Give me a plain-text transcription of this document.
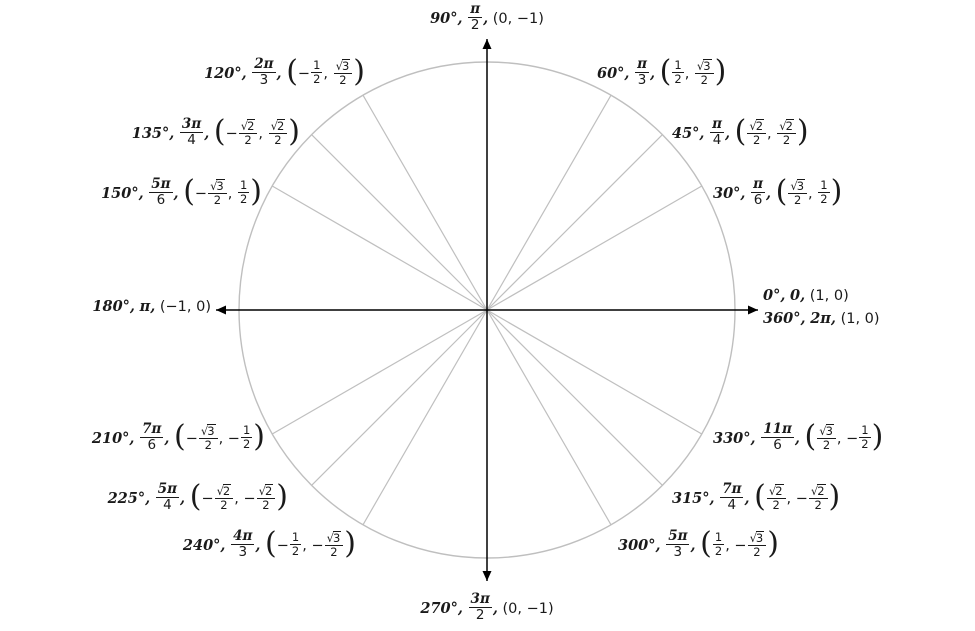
0°, 0, (1, 0)
360°, 2π, (1, 0)
30°, $\frac{\pi}{6}$ , ( $\frac{√3}{2}$ , $\frac{1}{2}$ )
45°, $\frac{\pi}{4}$ , ( $\frac{√2}{2}$ , $\frac{√2}{2}$ )
60°, $\frac{\pi}{3}$ , ( $\frac{1}{2}$ , $\frac{√3}{2}$ )
90°, $\frac{\pi}{2}$ , (0, −1)
120°, $\frac{2\pi}{3}$ , (− $\frac{1}{2}$ , $\frac{√3}{2}$ )
135°, $\frac{3\pi}{4}$ , (− $\frac{√2}{2}$ , $\frac{√2}{2}$ )
150°, $\frac{5\pi}{6}$ , (− $\frac{√3}{2}$ , $\frac{1}{2}$ )
180°, π, (−1, 0)
210°, $\frac{7\pi}{6}$ , (− $\frac{√3}{2}$ , − $\frac{1}{2}$ )
225°, $\frac{5\pi}{4}$ , (− $\frac{√2}{2}$ , − $\frac{√2}{2}$ )
240°, $\frac{4\pi}{3}$ , (− $\frac{1}{2}$ , − $\frac{√3}{2}$ )
270°, $\frac{3\pi}{2}$ , (0, −1)
300°, $\frac{5\pi}{3}$ , ( $\frac{1}{2}$ , − $\frac{√3}{2}$ )
315°, $\frac{7\pi}{4}$ , ( $\frac{√2}{2}$ , − $\frac{√2}{2}$ )
330°, $\frac{11\pi}{6}$ , ( $\frac{√3}{2}$ , − $\frac{1}{2}$ )
